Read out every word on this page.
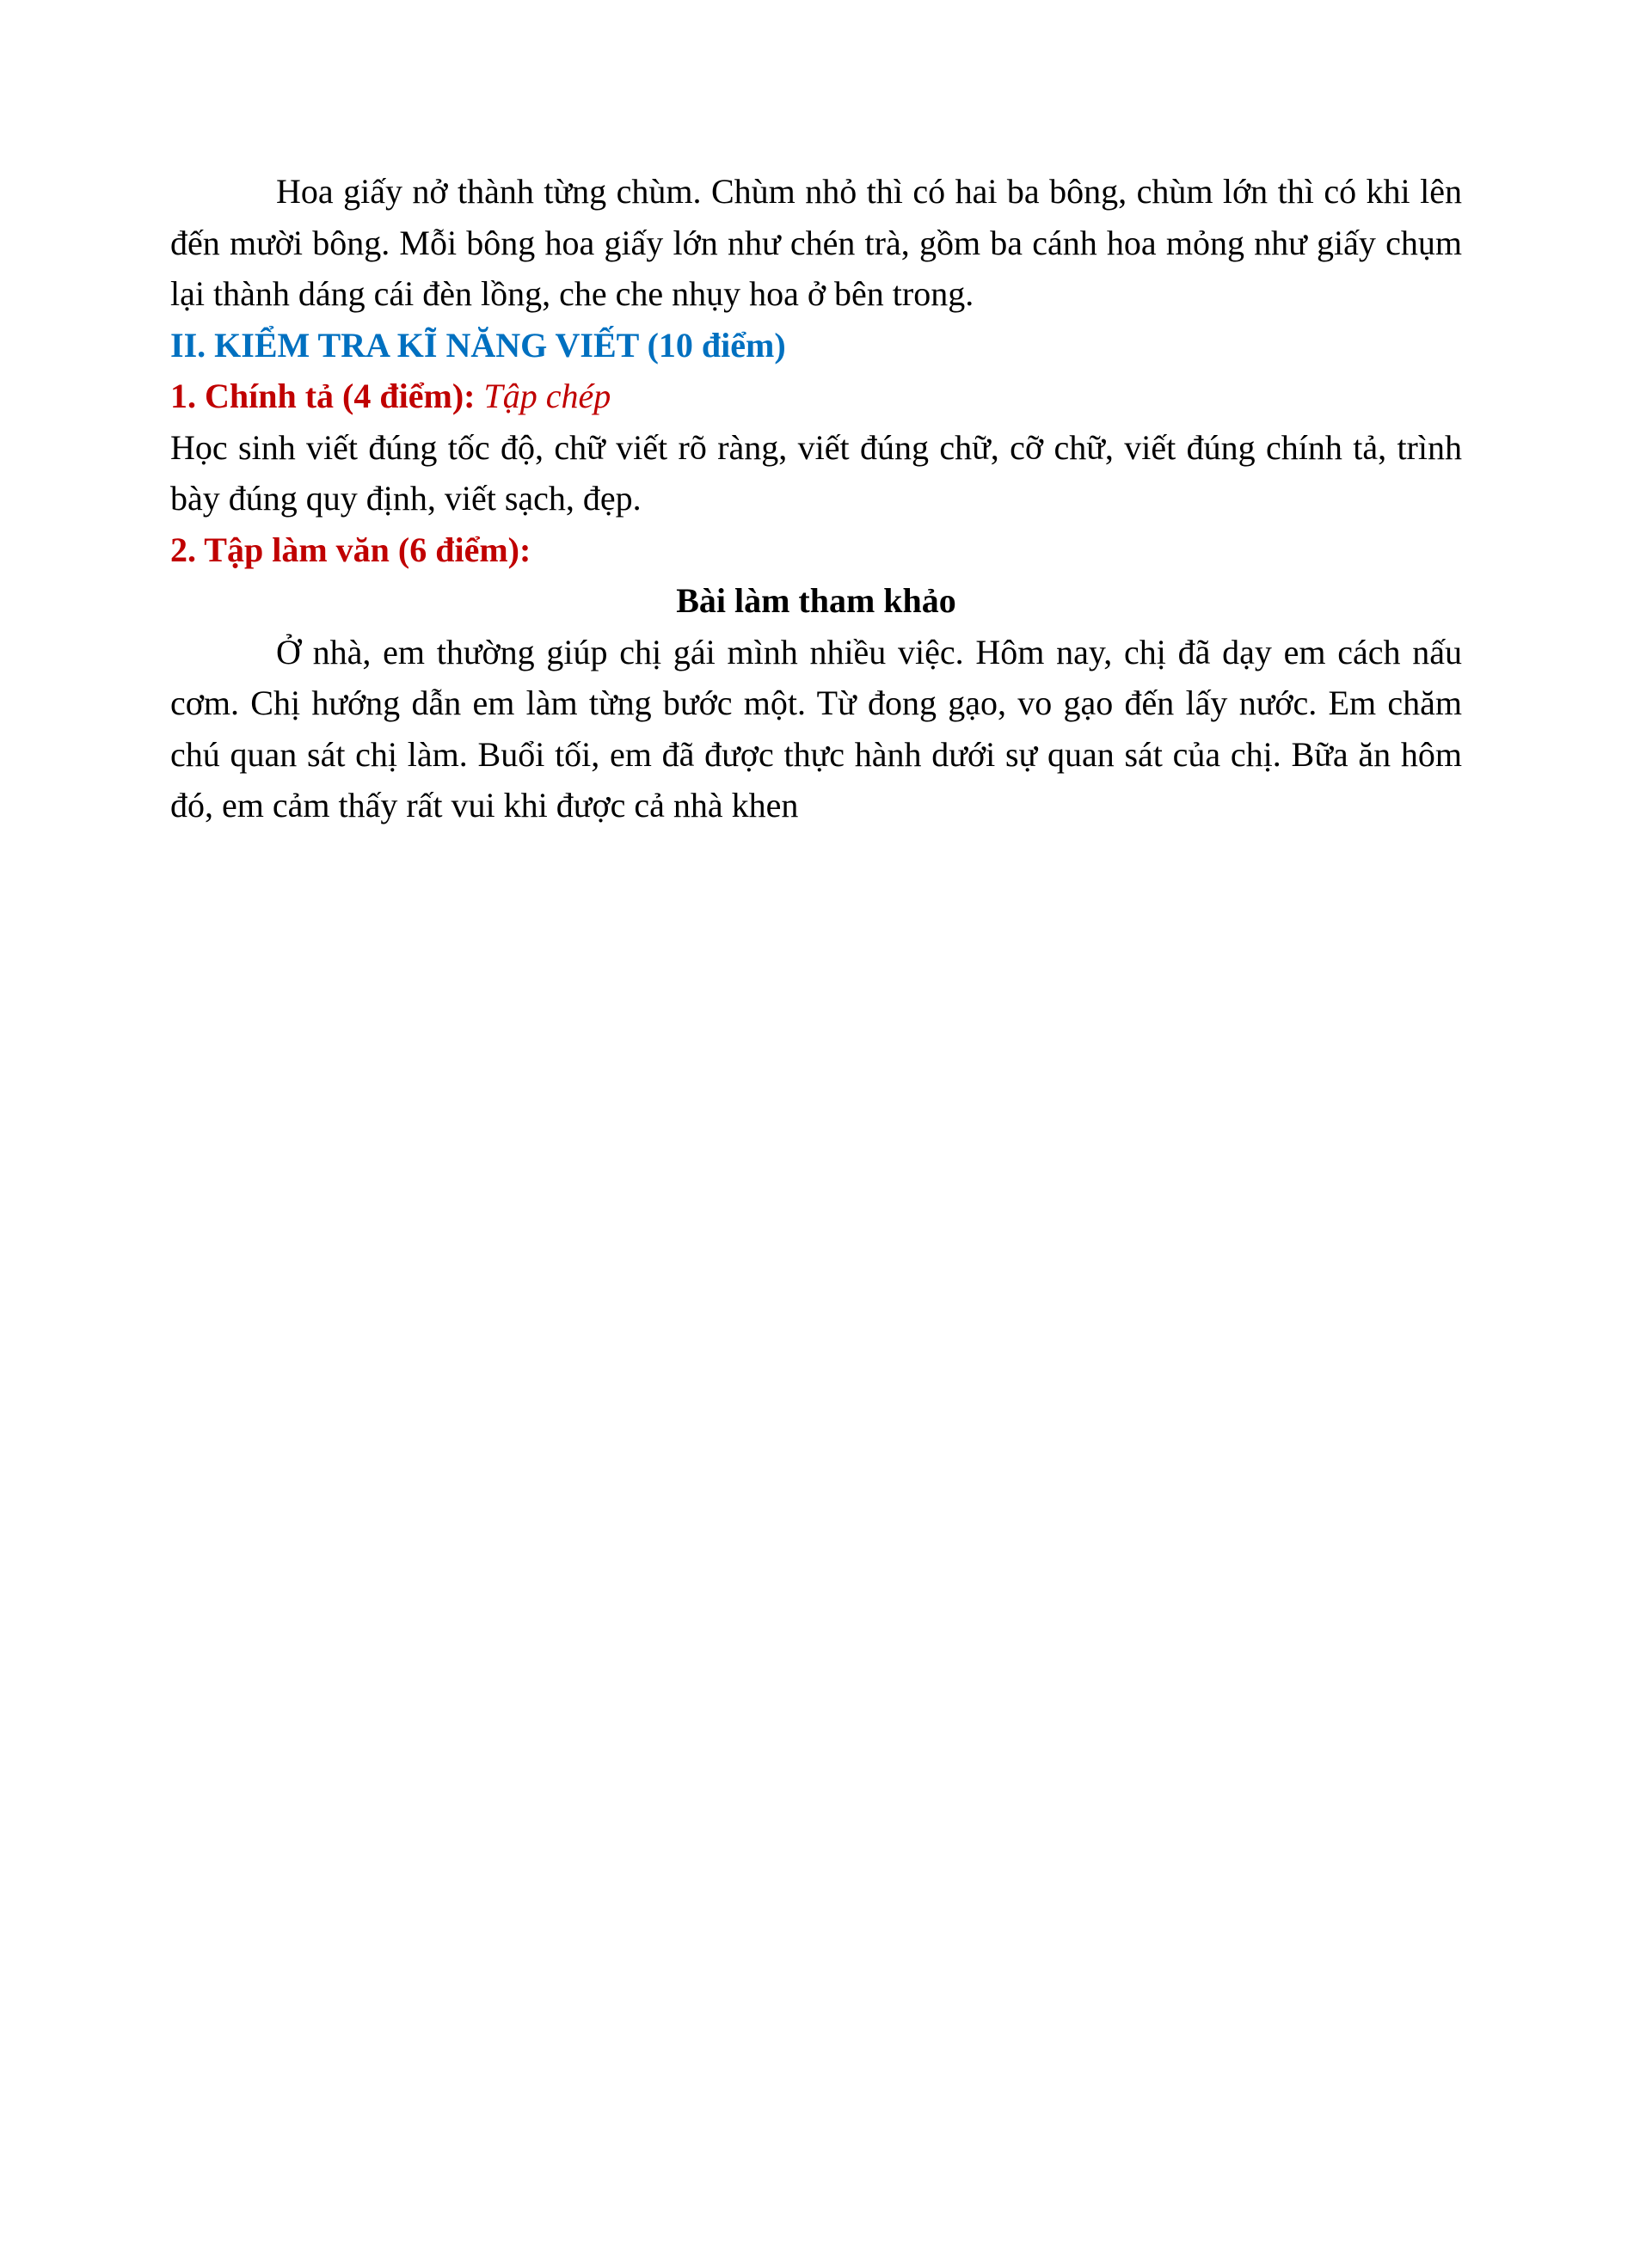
Hoa giấy nở thành từng chùm. Chùm nhỏ thì có hai ba bông, chùm lớn thì có khi lên đến mười bông. Mỗi bông hoa giấy lớn như chén trà, gồm ba cánh hoa mỏng như giấy chụm lại thành dáng cái đèn lồng, che che nhụy hoa ở bên trong.

II. KIỂM TRA KĨ NĂNG VIẾT (10 điểm)

1. Chính tả (4 điểm): Tập chép

Học sinh viết đúng tốc độ, chữ viết rõ ràng, viết đúng chữ, cỡ chữ, viết đúng chính tả, trình bày đúng quy định, viết sạch, đẹp.

2. Tập làm văn (6 điểm):

Bài làm tham khảo

Ở nhà, em thường giúp chị gái mình nhiều việc. Hôm nay, chị đã dạy em cách nấu cơm. Chị hướng dẫn em làm từng bước một. Từ đong gạo, vo gạo đến lấy nước. Em chăm chú quan sát chị làm. Buổi tối, em đã được thực hành dưới sự quan sát của chị. Bữa ăn hôm đó, em cảm thấy rất vui khi được cả nhà khen
